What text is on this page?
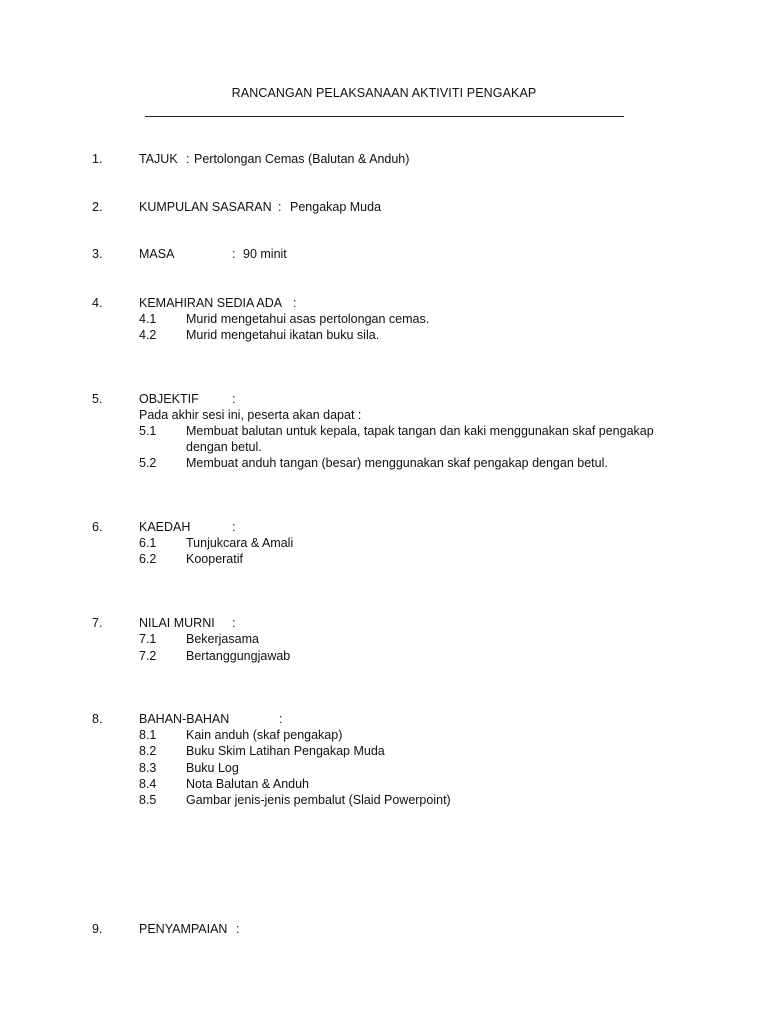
RANCANGAN PELAKSANAAN AKTIVITI PENGAKAP
1.	TAJUK : Pertolongan Cemas (Balutan & Anduh)
2.	KUMPULAN SASARAN : Pengakap Muda
3.	MASA	: 90 minit
4.	KEMAHIRAN SEDIA ADA :
4.1 Murid mengetahui asas pertolongan cemas.
4.2 Murid mengetahui ikatan buku sila.
5.	OBJEKTIF	:
Pada akhir sesi ini, peserta akan dapat :
5.1 Membuat balutan untuk kepala, tapak tangan dan kaki menggunakan skaf pengakap
dengan betul.
5.2 Membuat anduh tangan (besar) menggunakan skaf pengakap dengan betul.
6.	KAEDAH	:
6.1 Tunjukcara & Amali
6.2 Kooperatif
7.	NILAI MURNI :
7.1 Bekerjasama
7.2 Bertanggungjawab
8.	BAHAN-BAHAN	:
8.1 Kain anduh (skaf pengakap)
8.2 Buku Skim Latihan Pengakap Muda
8.3 Buku Log
8.4 Nota Balutan & Anduh
8.5 Gambar jenis-jenis pembalut (Slaid Powerpoint)
9.	PENYAMPAIAN :
